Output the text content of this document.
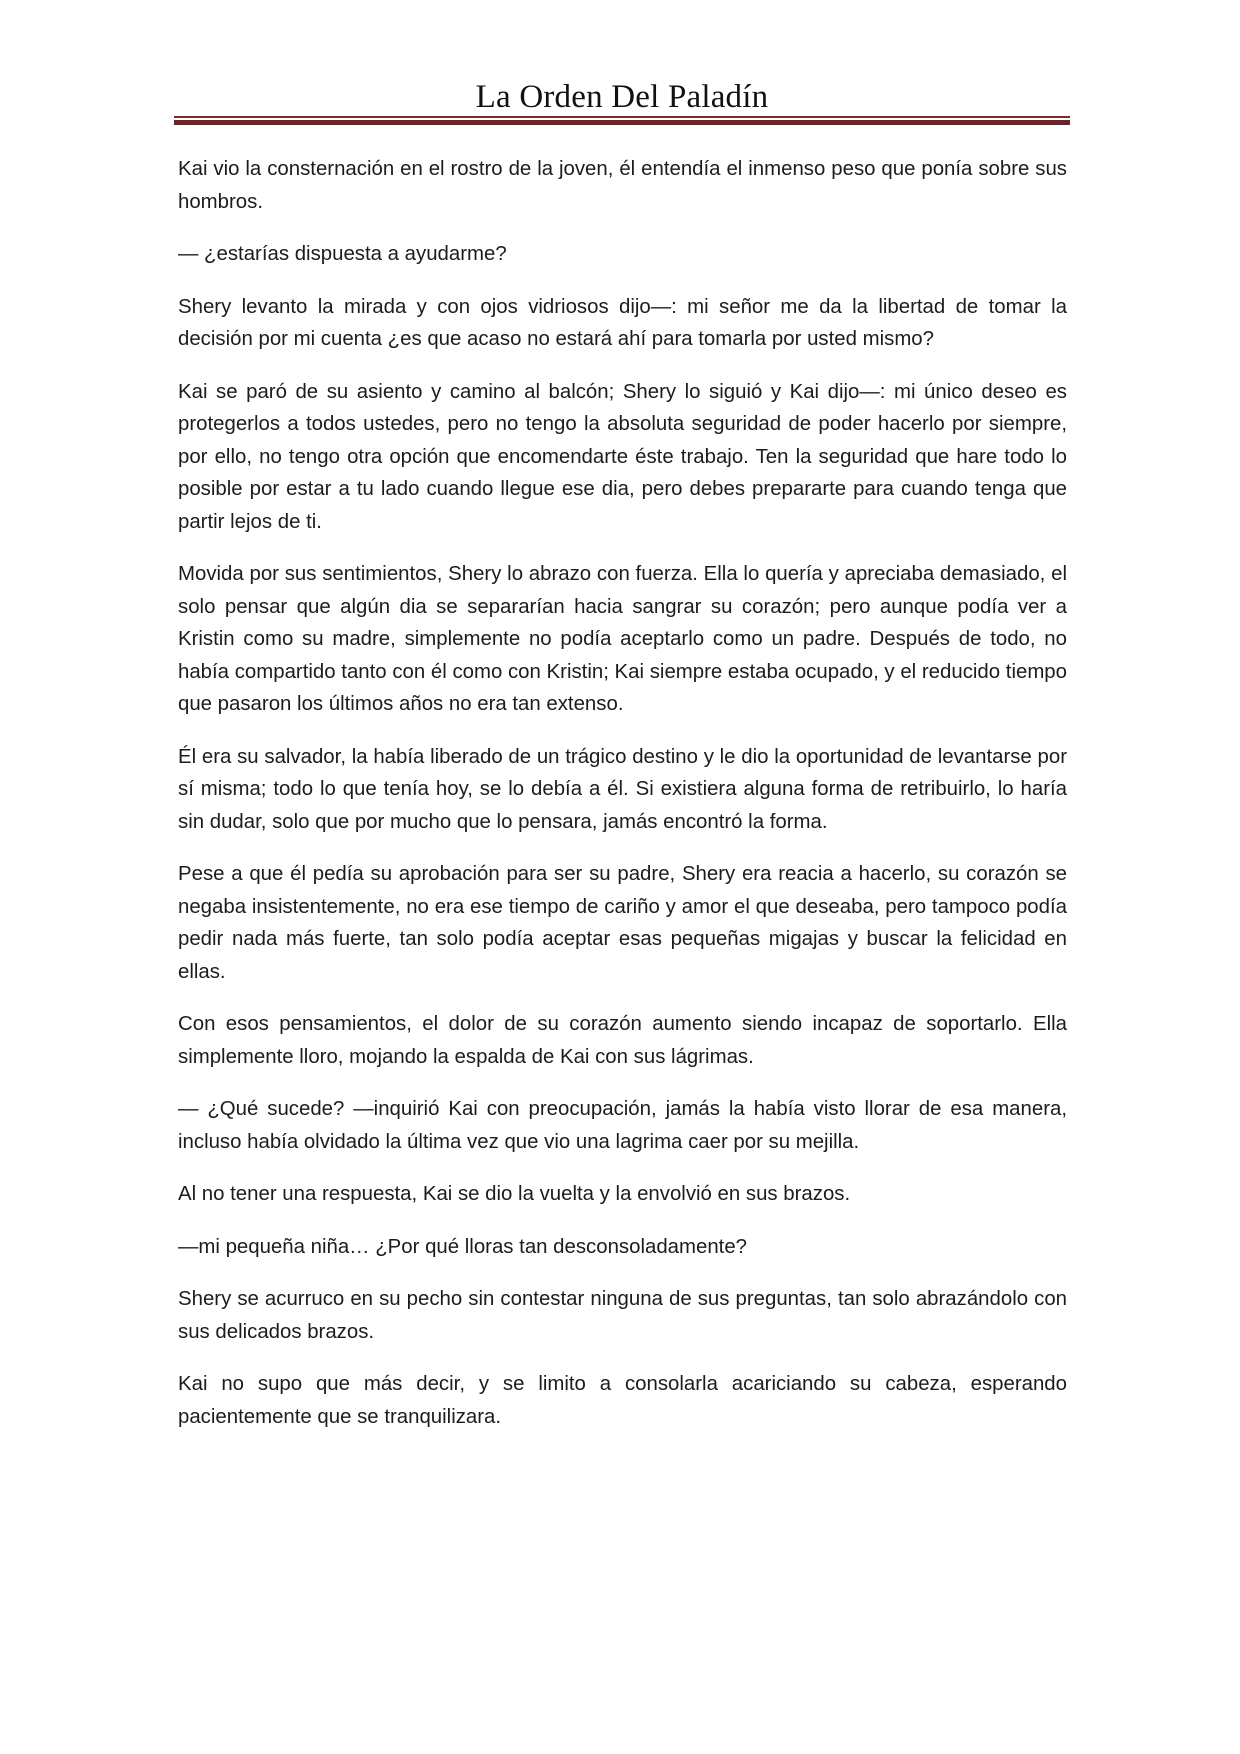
La Orden Del Paladín

Kai vio la consternación en el rostro de la joven, él entendía el inmenso peso que ponía sobre sus hombros.

— ¿estarías dispuesta a ayudarme?

Shery levanto la mirada y con ojos vidriosos dijo—: mi señor me da la libertad de tomar la decisión por mi cuenta ¿es que acaso no estará ahí para tomarla por usted mismo?

Kai se paró de su asiento y camino al balcón; Shery lo siguió y Kai dijo—: mi único deseo es protegerlos a todos ustedes, pero no tengo la absoluta seguridad de poder hacerlo por siempre, por ello, no tengo otra opción que encomendarte éste trabajo. Ten la seguridad que hare todo lo posible por estar a tu lado cuando llegue ese dia, pero debes prepararte para cuando tenga que partir lejos de ti.

Movida por sus sentimientos, Shery lo abrazo con fuerza. Ella lo quería y apreciaba demasiado, el solo pensar que algún dia se separarían hacia sangrar su corazón; pero aunque podía ver a Kristin como su madre, simplemente no podía aceptarlo como un padre. Después de todo, no había compartido tanto con él como con Kristin; Kai siempre estaba ocupado, y el reducido tiempo que pasaron los últimos años no era tan extenso.

Él era su salvador, la había liberado de un trágico destino y le dio la oportunidad de levantarse por sí misma; todo lo que tenía hoy, se lo debía a él. Si existiera alguna forma de retribuirlo, lo haría sin dudar, solo que por mucho que lo pensara, jamás encontró la forma.

Pese a que él pedía su aprobación para ser su padre, Shery era reacia a hacerlo, su corazón se negaba insistentemente, no era ese tiempo de cariño y amor el que deseaba, pero tampoco podía pedir nada más fuerte, tan solo podía aceptar esas pequeñas migajas y buscar la felicidad en ellas.

Con esos pensamientos, el dolor de su corazón aumento siendo incapaz de soportarlo. Ella simplemente lloro, mojando la espalda de Kai con sus lágrimas.

— ¿Qué sucede? —inquirió Kai con preocupación, jamás la había visto llorar de esa manera, incluso había olvidado la última vez que vio una lagrima caer por su mejilla.

Al no tener una respuesta, Kai se dio la vuelta y la envolvió en sus brazos.

—mi pequeña niña… ¿Por qué lloras tan desconsoladamente?

Shery se acurruco en su pecho sin contestar ninguna de sus preguntas, tan solo abrazándolo con sus delicados brazos.

Kai no supo que más decir, y se limito a consolarla acariciando su cabeza, esperando pacientemente que se tranquilizara.
